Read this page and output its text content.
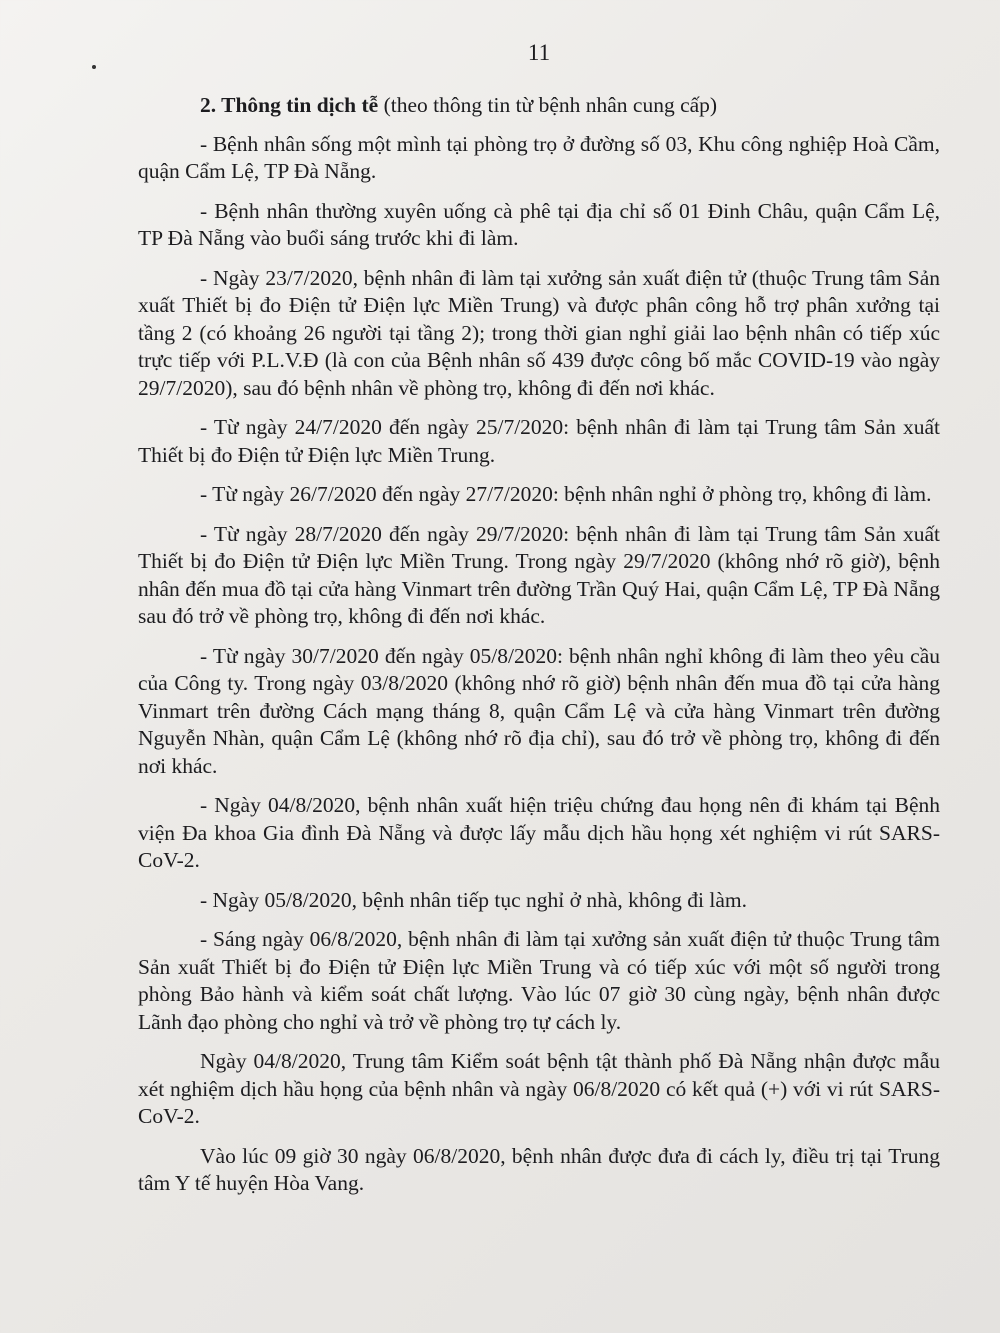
11

2. Thông tin dịch tễ (theo thông tin từ bệnh nhân cung cấp)

- Bệnh nhân sống một mình tại phòng trọ ở đường số 03, Khu công nghiệp Hoà Cầm, quận Cẩm Lệ, TP Đà Nẵng.

- Bệnh nhân thường xuyên uống cà phê tại địa chỉ số 01 Đinh Châu, quận Cẩm Lệ, TP Đà Nẵng vào buổi sáng trước khi đi làm.

- Ngày 23/7/2020, bệnh nhân đi làm tại xưởng sản xuất điện tử (thuộc Trung tâm Sản xuất Thiết bị đo Điện tử Điện lực Miền Trung) và được phân công hỗ trợ phân xưởng tại tầng 2 (có khoảng 26 người tại tầng 2); trong thời gian nghỉ giải lao bệnh nhân có tiếp xúc trực tiếp với P.L.V.Đ (là con của Bệnh nhân số 439 được công bố mắc COVID-19 vào ngày 29/7/2020), sau đó bệnh nhân về phòng trọ, không đi đến nơi khác.

- Từ ngày 24/7/2020 đến ngày 25/7/2020: bệnh nhân đi làm tại Trung tâm Sản xuất Thiết bị đo Điện tử Điện lực Miền Trung.

- Từ ngày 26/7/2020 đến ngày 27/7/2020: bệnh nhân nghỉ ở phòng trọ, không đi làm.

- Từ ngày 28/7/2020 đến ngày 29/7/2020: bệnh nhân đi làm tại Trung tâm Sản xuất Thiết bị đo Điện tử Điện lực Miền Trung. Trong ngày 29/7/2020 (không nhớ rõ giờ), bệnh nhân đến mua đồ tại cửa hàng Vinmart trên đường Trần Quý Hai, quận Cẩm Lệ, TP Đà Nẵng sau đó trở về phòng trọ, không đi đến nơi khác.

- Từ ngày 30/7/2020 đến ngày 05/8/2020: bệnh nhân nghỉ không đi làm theo yêu cầu của Công ty. Trong ngày 03/8/2020 (không nhớ rõ giờ) bệnh nhân đến mua đồ tại cửa hàng Vinmart trên đường Cách mạng tháng 8, quận Cẩm Lệ và cửa hàng Vinmart trên đường Nguyễn Nhàn, quận Cẩm Lệ (không nhớ rõ địa chỉ), sau đó trở về phòng trọ, không đi đến nơi khác.

- Ngày 04/8/2020, bệnh nhân xuất hiện triệu chứng đau họng nên đi khám tại Bệnh viện Đa khoa Gia đình Đà Nẵng và được lấy mẫu dịch hầu họng xét nghiệm vi rút SARS-CoV-2.

- Ngày 05/8/2020, bệnh nhân tiếp tục nghỉ ở nhà, không đi làm.

- Sáng ngày 06/8/2020, bệnh nhân đi làm tại xưởng sản xuất điện tử thuộc Trung tâm Sản xuất Thiết bị đo Điện tử Điện lực Miền Trung và có tiếp xúc với một số người trong phòng Bảo hành và kiểm soát chất lượng. Vào lúc 07 giờ 30 cùng ngày, bệnh nhân được Lãnh đạo phòng cho nghỉ và trở về phòng trọ tự cách ly.

Ngày 04/8/2020, Trung tâm Kiểm soát bệnh tật thành phố Đà Nẵng nhận được mẫu xét nghiệm dịch hầu họng của bệnh nhân và ngày 06/8/2020 có kết quả (+) với vi rút SARS-CoV-2.

Vào lúc 09 giờ 30 ngày 06/8/2020, bệnh nhân được đưa đi cách ly, điều trị tại Trung tâm Y tế huyện Hòa Vang.
